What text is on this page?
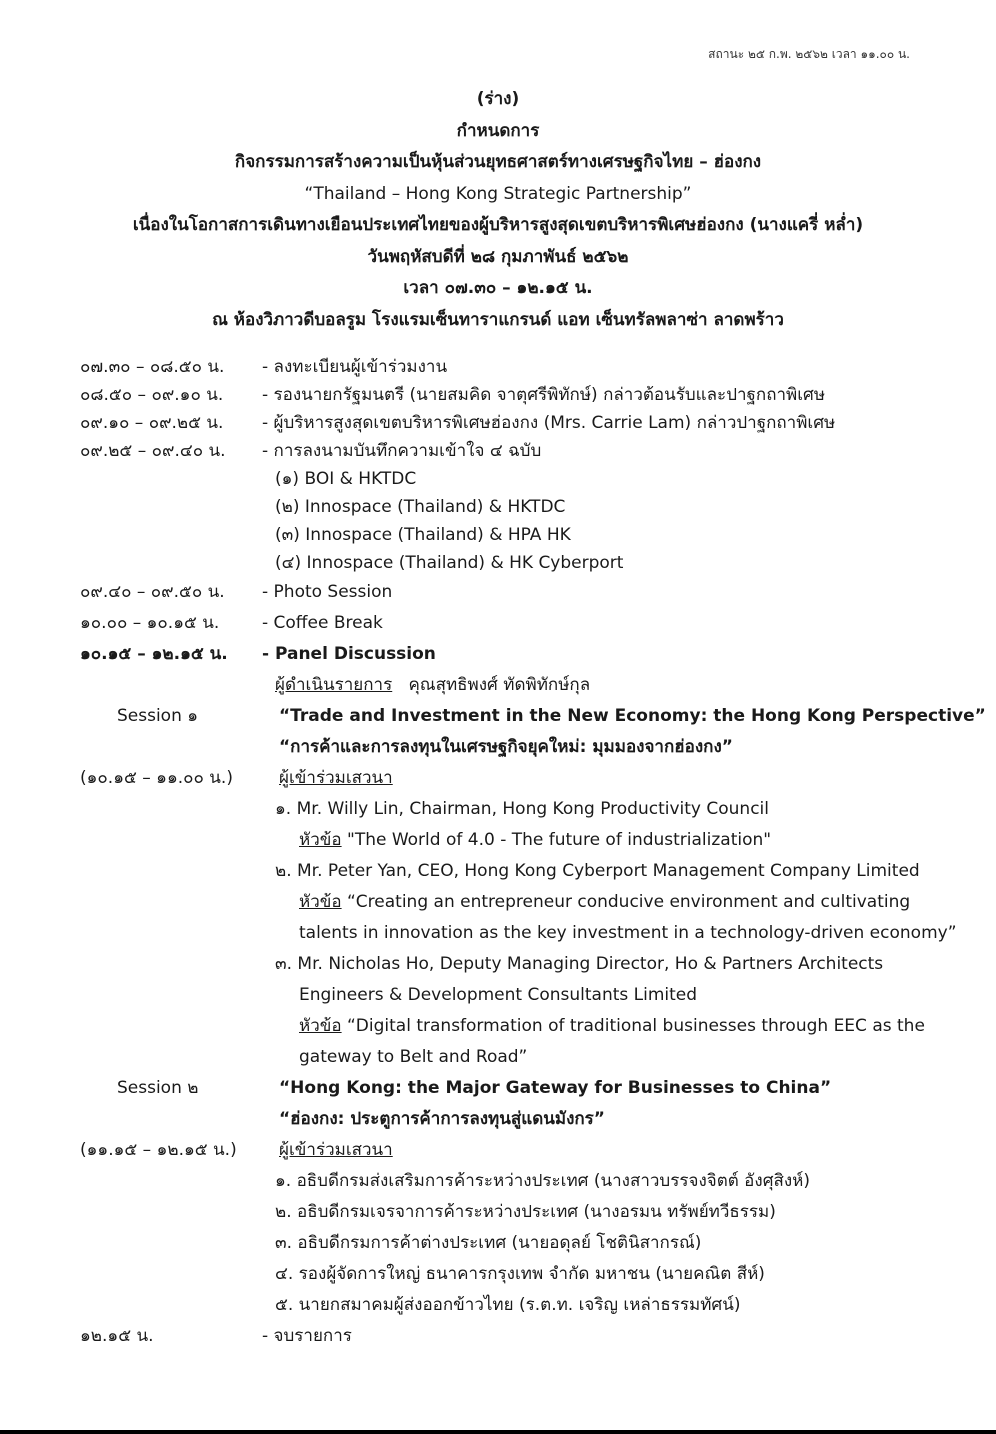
สถานะ ๒๕ ก.พ. ๒๕๖๒ เวลา ๑๑.๐๐ น.
(ร่าง)
กำหนดการ
กิจกรรมการสร้างความเป็นหุ้นส่วนยุทธศาสตร์ทางเศรษฐกิจไทย – ฮ่องกง
“Thailand – Hong Kong Strategic Partnership”
เนื่องในโอกาสการเดินทางเยือนประเทศไทยของผู้บริหารสูงสุดเขตบริหารพิเศษฮ่องกง (นางแครี่ หล่ำ)
วันพฤหัสบดีที่ ๒๘ กุมภาพันธ์ ๒๕๖๒
เวลา ๐๗.๓๐ – ๑๒.๑๕ น.
ณ ห้องวิภาวดีบอลรูม โรงแรมเซ็นทาราแกรนด์ แอท เซ็นทรัลพลาซ่า ลาดพร้าว
๐๗.๓๐ – ๐๘.๕๐ น. - ลงทะเบียนผู้เข้าร่วมงาน
๐๘.๕๐ – ๐๙.๑๐ น. - รองนายกรัฐมนตรี (นายสมคิด จาตุศรีพิทักษ์) กล่าวต้อนรับและปาฐกถาพิเศษ
๐๙.๑๐ – ๐๙.๒๕ น. - ผู้บริหารสูงสุดเขตบริหารพิเศษฮ่องกง (Mrs. Carrie Lam) กล่าวปาฐกถาพิเศษ
๐๙.๒๕ – ๐๙.๔๐ น. - การลงนามบันทึกความเข้าใจ ๔ ฉบับ
(๑) BOI & HKTDC
(๒) Innospace (Thailand) & HKTDC
(๓) Innospace (Thailand) & HPA HK
(๔) Innospace (Thailand) & HK Cyberport
๐๙.๔๐ – ๐๙.๕๐ น. - Photo Session
๑๐.๐๐ – ๑๐.๑๕ น.	- Coffee Break
๑๐.๑๕ – ๑๒.๑๕ น. - Panel Discussion
ผู้ดำเนินรายการ คุณสุทธิพงศ์ ทัดพิทักษ์กุล
Session ๑	“Trade and Investment in the New Economy: the Hong Kong Perspective”
“การค้าและการลงทุนในเศรษฐกิจยุคใหม่: มุมมองจากฮ่องกง”
(๑๐.๑๕ – ๑๑.๐๐ น.)	ผู้เข้าร่วมเสวนา
๑. Mr. Willy Lin, Chairman, Hong Kong Productivity Council
หัวข้อ "The World of 4.0 - The future of industrialization"
๒. Mr. Peter Yan, CEO, Hong Kong Cyberport Management Company Limited
หัวข้อ “Creating an entrepreneur conducive environment and cultivating
talents in innovation as the key investment in a technology-driven economy”
๓. Mr. Nicholas Ho, Deputy Managing Director, Ho & Partners Architects
Engineers & Development Consultants Limited
หัวข้อ “Digital transformation of traditional businesses through EEC as the
gateway to Belt and Road”
Session ๒	“Hong Kong: the Major Gateway for Businesses to China”
“ฮ่องกง: ประตูการค้าการลงทุนสู่แดนมังกร”
(๑๑.๑๕ – ๑๒.๑๕ น.) ผู้เข้าร่วมเสวนา
๑. อธิบดีกรมส่งเสริมการค้าระหว่างประเทศ (นางสาวบรรจงจิตต์ อังศุสิงห์)
๒. อธิบดีกรมเจรจาการค้าระหว่างประเทศ (นางอรมน ทรัพย์ทวีธรรม)
๓. อธิบดีกรมการค้าต่างประเทศ (นายอดุลย์ โชตินิสากรณ์)
๔. รองผู้จัดการใหญ่ ธนาคารกรุงเทพ จำกัด มหาชน (นายคณิต สีห์)
๕. นายกสมาคมผู้ส่งออกข้าวไทย (ร.ต.ท. เจริญ เหล่าธรรมทัศน์)
๑๒.๑๕ น.	- จบรายการ
